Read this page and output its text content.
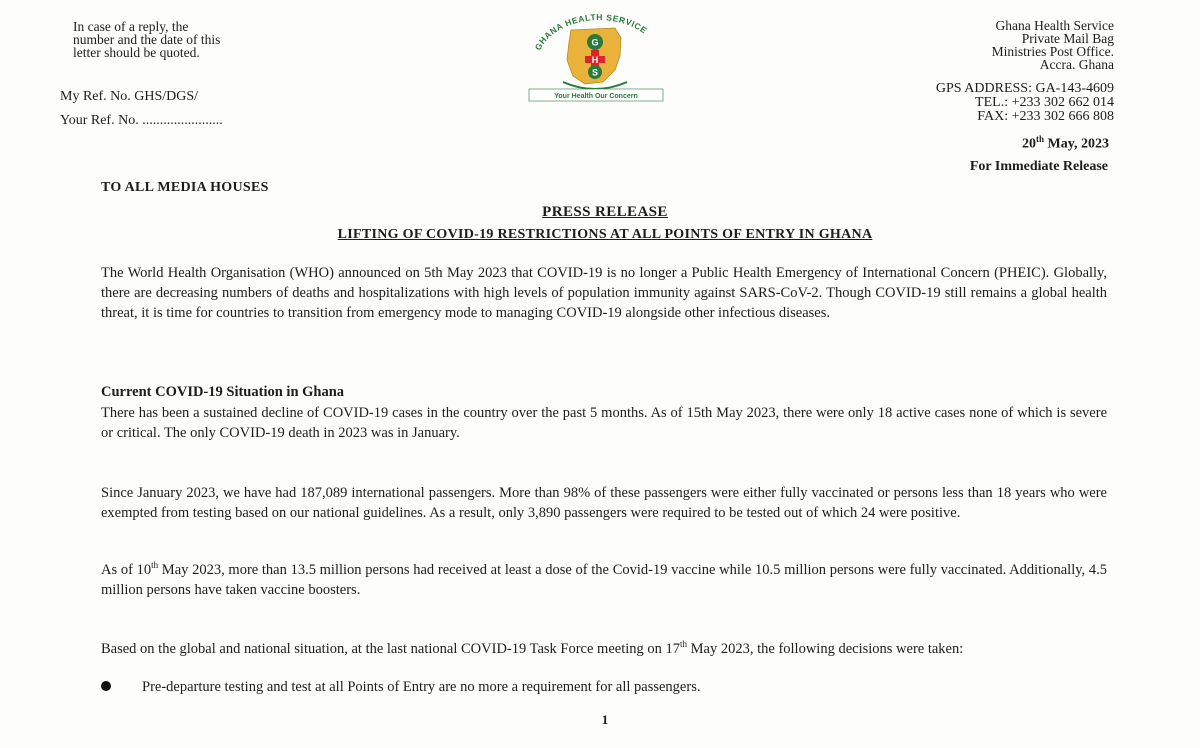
In case of a reply, the
number and the date of this
letter should be quoted.
My Ref. No. GHS/DGS/
Your Ref. No. .......................
GHANA HEALTH SERVICE
G
H
S
Your Health Our Concern
Ghana Health Service
Private Mail Bag
Ministries Post Office.
Accra. Ghana
GPS ADDRESS: GA-143-4609
TEL.: +233 302 662 014
FAX: +233 302 666 808
20th May, 2023
For Immediate Release
TO ALL MEDIA HOUSES
PRESS RELEASE
LIFTING OF COVID-19 RESTRICTIONS AT ALL POINTS OF ENTRY IN GHANA
The World Health Organisation (WHO) announced on 5th May 2023 that COVID-19 is no longer a Public Health Emergency of International Concern (PHEIC). Globally, there are decreasing numbers of deaths and hospitalizations with high levels of population immunity against SARS-CoV-2. Though COVID-19 still remains a global health threat, it is time for countries to transition from emergency mode to managing COVID-19 alongside other infectious diseases.
Current COVID-19 Situation in Ghana
There has been a sustained decline of COVID-19 cases in the country over the past 5 months. As of 15th May 2023, there were only 18 active cases none of which is severe or critical. The only COVID-19 death in 2023 was in January.
Since January 2023, we have had 187,089 international passengers. More than 98% of these passengers were either fully vaccinated or persons less than 18 years who were exempted from testing based on our national guidelines. As a result, only 3,890 passengers were required to be tested out of which 24 were positive.
As of 10th May 2023, more than 13.5 million persons had received at least a dose of the Covid-19 vaccine while 10.5 million persons were fully vaccinated. Additionally, 4.5 million persons have taken vaccine boosters.
Based on the global and national situation, at the last national COVID-19 Task Force meeting on 17th May 2023, the following decisions were taken:
Pre-departure testing and test at all Points of Entry are no more a requirement for all passengers.
1
